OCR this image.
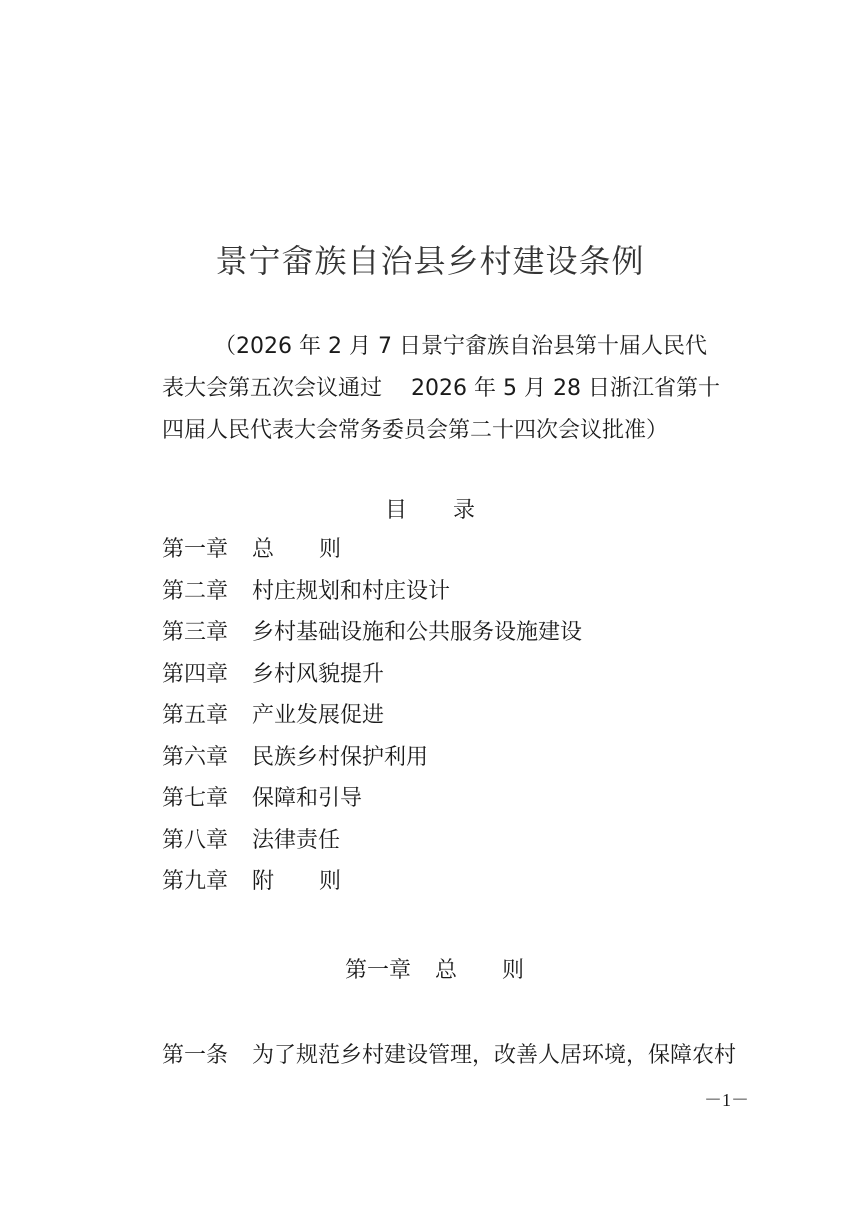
景宁畲族自治县乡村建设条例
（2026 年 2 月 7 日景宁畲族自治县第十届人民代
表大会第五次会议通过　 2026 年 5 月 28 日浙江省第十
四届人民代表大会常务委员会第二十四次会议批准）
目 录
第一章 总则
第二章 村庄规划和村庄设计
第三章 乡村基础设施和公共服务设施建设
第四章 乡村风貌提升
第五章 产业发展促进
第六章 民族乡村保护利用
第七章 保障和引导
第八章 法律责任
第九章 附则
第一章 总则
第一条 为了规范乡村建设管理，改善人居环境，保障农村
－1－
